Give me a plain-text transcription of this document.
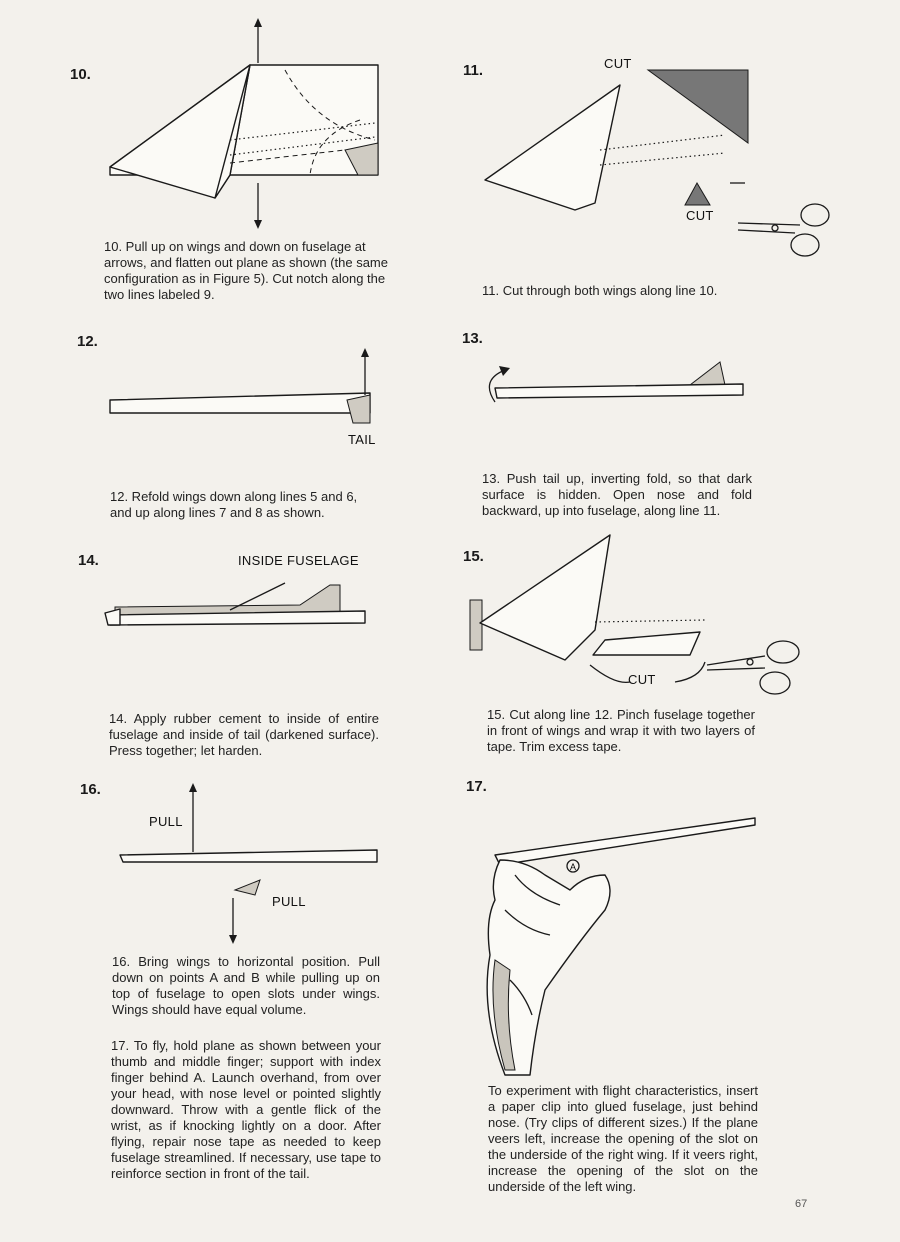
10.

10. Pull up on wings and down on fuselage at arrows, and flatten out plane as shown (the same configuration as in Figure 5). Cut notch along the two lines labeled 9.

11.	CUT
CUT

11. Cut through both wings along line 10.

12.
TAIL

12. Refold wings down along lines 5 and 6, and up along lines 7 and 8 as shown.

13.

13. Push tail up, inverting fold, so that dark surface is hidden. Open nose and fold backward, up into fuselage, along line 11.

14.	INSIDE FUSELAGE

14. Apply rubber cement to inside of entire fuselage and inside of tail (darkened surface). Press together; let harden.

15.
CUT

15. Cut along line 12. Pinch fuselage together in front of wings and wrap it with two layers of tape. Trim excess tape.

16.
PULL
PULL

16. Bring wings to horizontal position. Pull down on points A and B while pulling up on top of fuselage to open slots under wings. Wings should have equal volume.

17.
A

17. To fly, hold plane as shown between your thumb and middle finger; support with index finger behind A. Launch overhand, from over your head, with nose level or pointed slightly downward. Throw with a gentle flick of the wrist, as if knocking lightly on a door. After flying, repair nose tape as needed to keep fuselage streamlined. If necessary, use tape to reinforce section in front of the tail.

To experiment with flight characteristics, insert a paper clip into glued fuselage, just behind nose. (Try clips of different sizes.) If the plane veers left, increase the opening of the slot on the underside of the right wing. If it veers right, increase the opening of the slot on the underside of the left wing.

67
